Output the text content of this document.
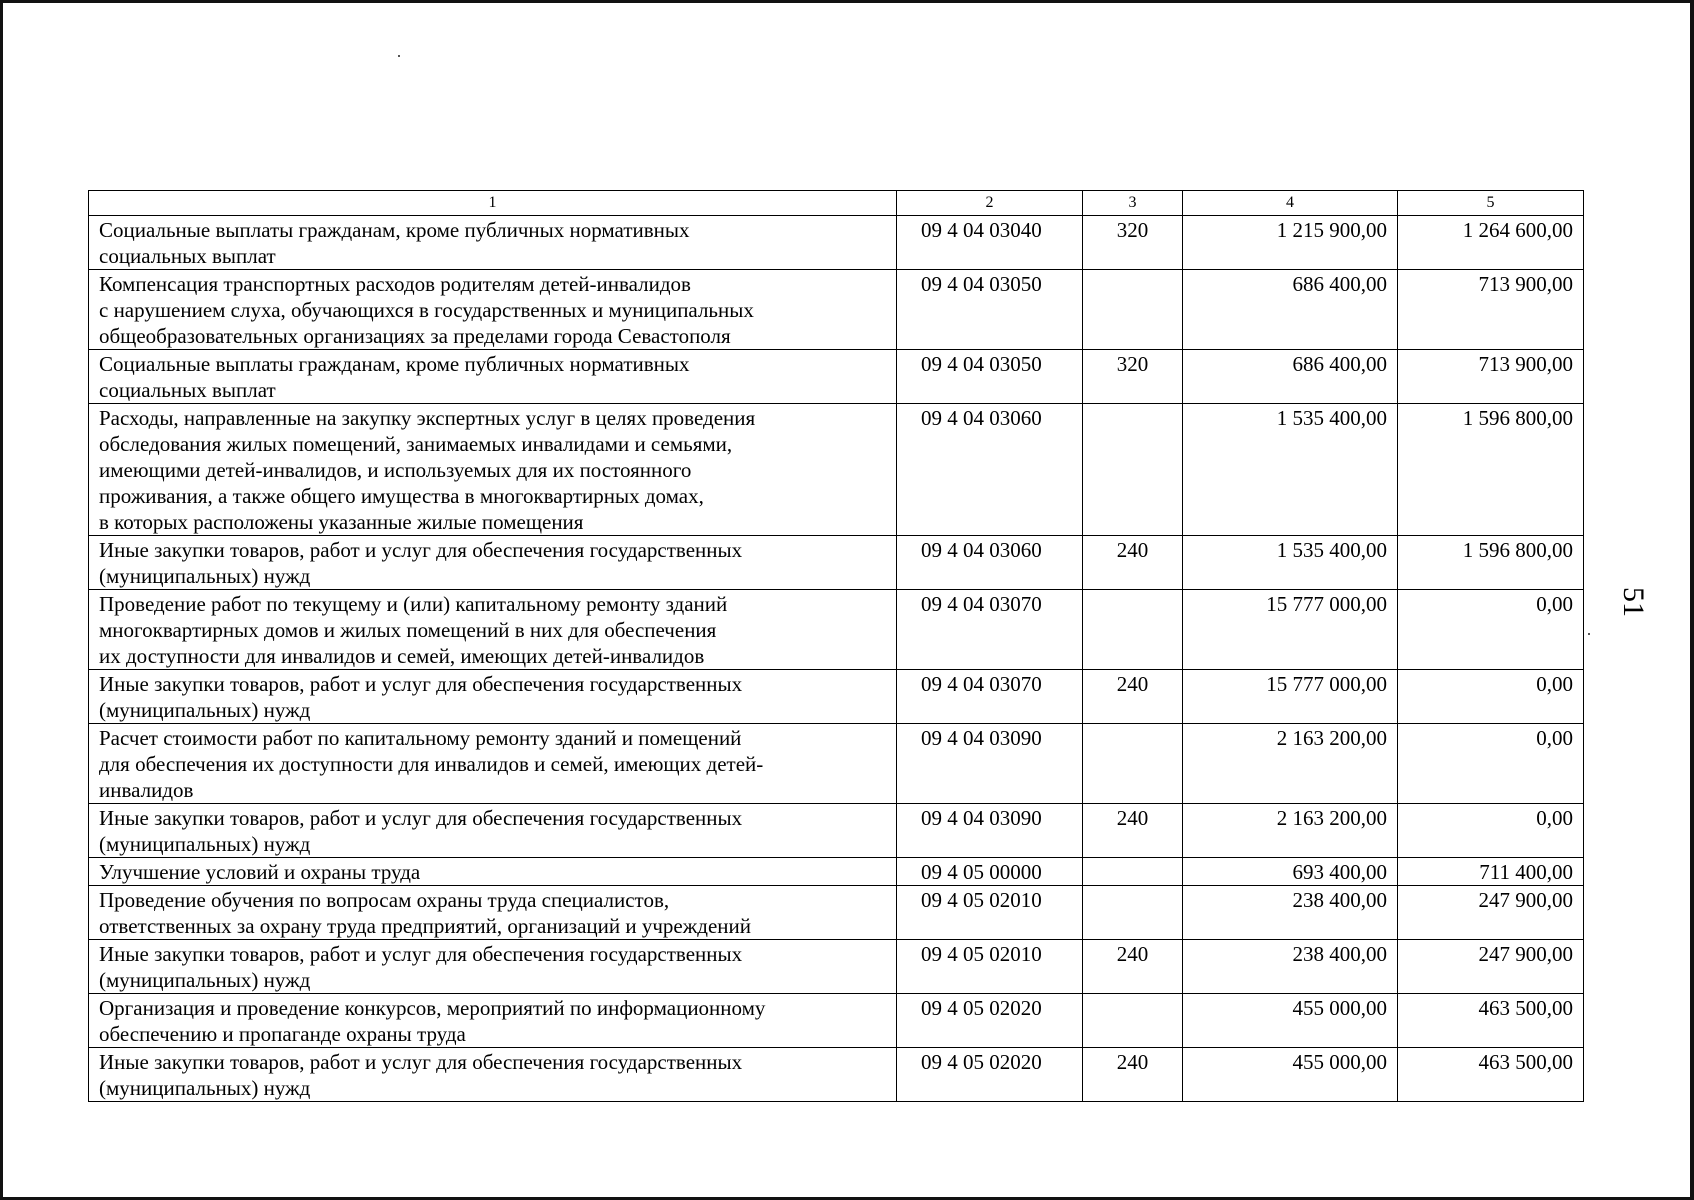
1	2	3	4	5
Социальные выплаты гражданам, кроме публичных нормативных
социальных выплат	09 4 04 03040	320	1 215 900,00	1 264 600,00
Компенсация транспортных расходов родителям детей-инвалидов
с нарушением слуха, обучающихся в государственных и муниципальных
общеобразовательных организациях за пределами города Севастополя	09 4 04 03050		686 400,00	713 900,00
Социальные выплаты гражданам, кроме публичных нормативных
социальных выплат	09 4 04 03050	320	686 400,00	713 900,00
Расходы, направленные на закупку экспертных услуг в целях проведения
обследования жилых помещений, занимаемых инвалидами и семьями,
имеющими детей-инвалидов, и используемых для их постоянного
проживания, а также общего имущества в многоквартирных домах,
в которых расположены указанные жилые помещения	09 4 04 03060		1 535 400,00	1 596 800,00
Иные закупки товаров, работ и услуг для обеспечения государственных
(муниципальных) нужд	09 4 04 03060	240	1 535 400,00	1 596 800,00
Проведение работ по текущему и (или) капитальному ремонту зданий
многоквартирных домов и жилых помещений в них для обеспечения
их доступности для инвалидов и семей, имеющих детей-инвалидов	09 4 04 03070		15 777 000,00	0,00
Иные закупки товаров, работ и услуг для обеспечения государственных
(муниципальных) нужд	09 4 04 03070	240	15 777 000,00	0,00
Расчет стоимости работ по капитальному ремонту зданий и помещений
для обеспечения их доступности для инвалидов и семей, имеющих детей-
инвалидов	09 4 04 03090		2 163 200,00	0,00
Иные закупки товаров, работ и услуг для обеспечения государственных
(муниципальных) нужд	09 4 04 03090	240	2 163 200,00	0,00
Улучшение условий и охраны труда	09 4 05 00000		693 400,00	711 400,00
Проведение обучения по вопросам охраны труда специалистов,
ответственных за охрану труда предприятий, организаций и учреждений	09 4 05 02010		238 400,00	247 900,00
Иные закупки товаров, работ и услуг для обеспечения государственных
(муниципальных) нужд	09 4 05 02010	240	238 400,00	247 900,00
Организация и проведение конкурсов, мероприятий по информационному
обеспечению и пропаганде охраны труда	09 4 05 02020		455 000,00	463 500,00
Иные закупки товаров, работ и услуг для обеспечения государственных
(муниципальных) нужд	09 4 05 02020	240	455 000,00	463 500,00
51
